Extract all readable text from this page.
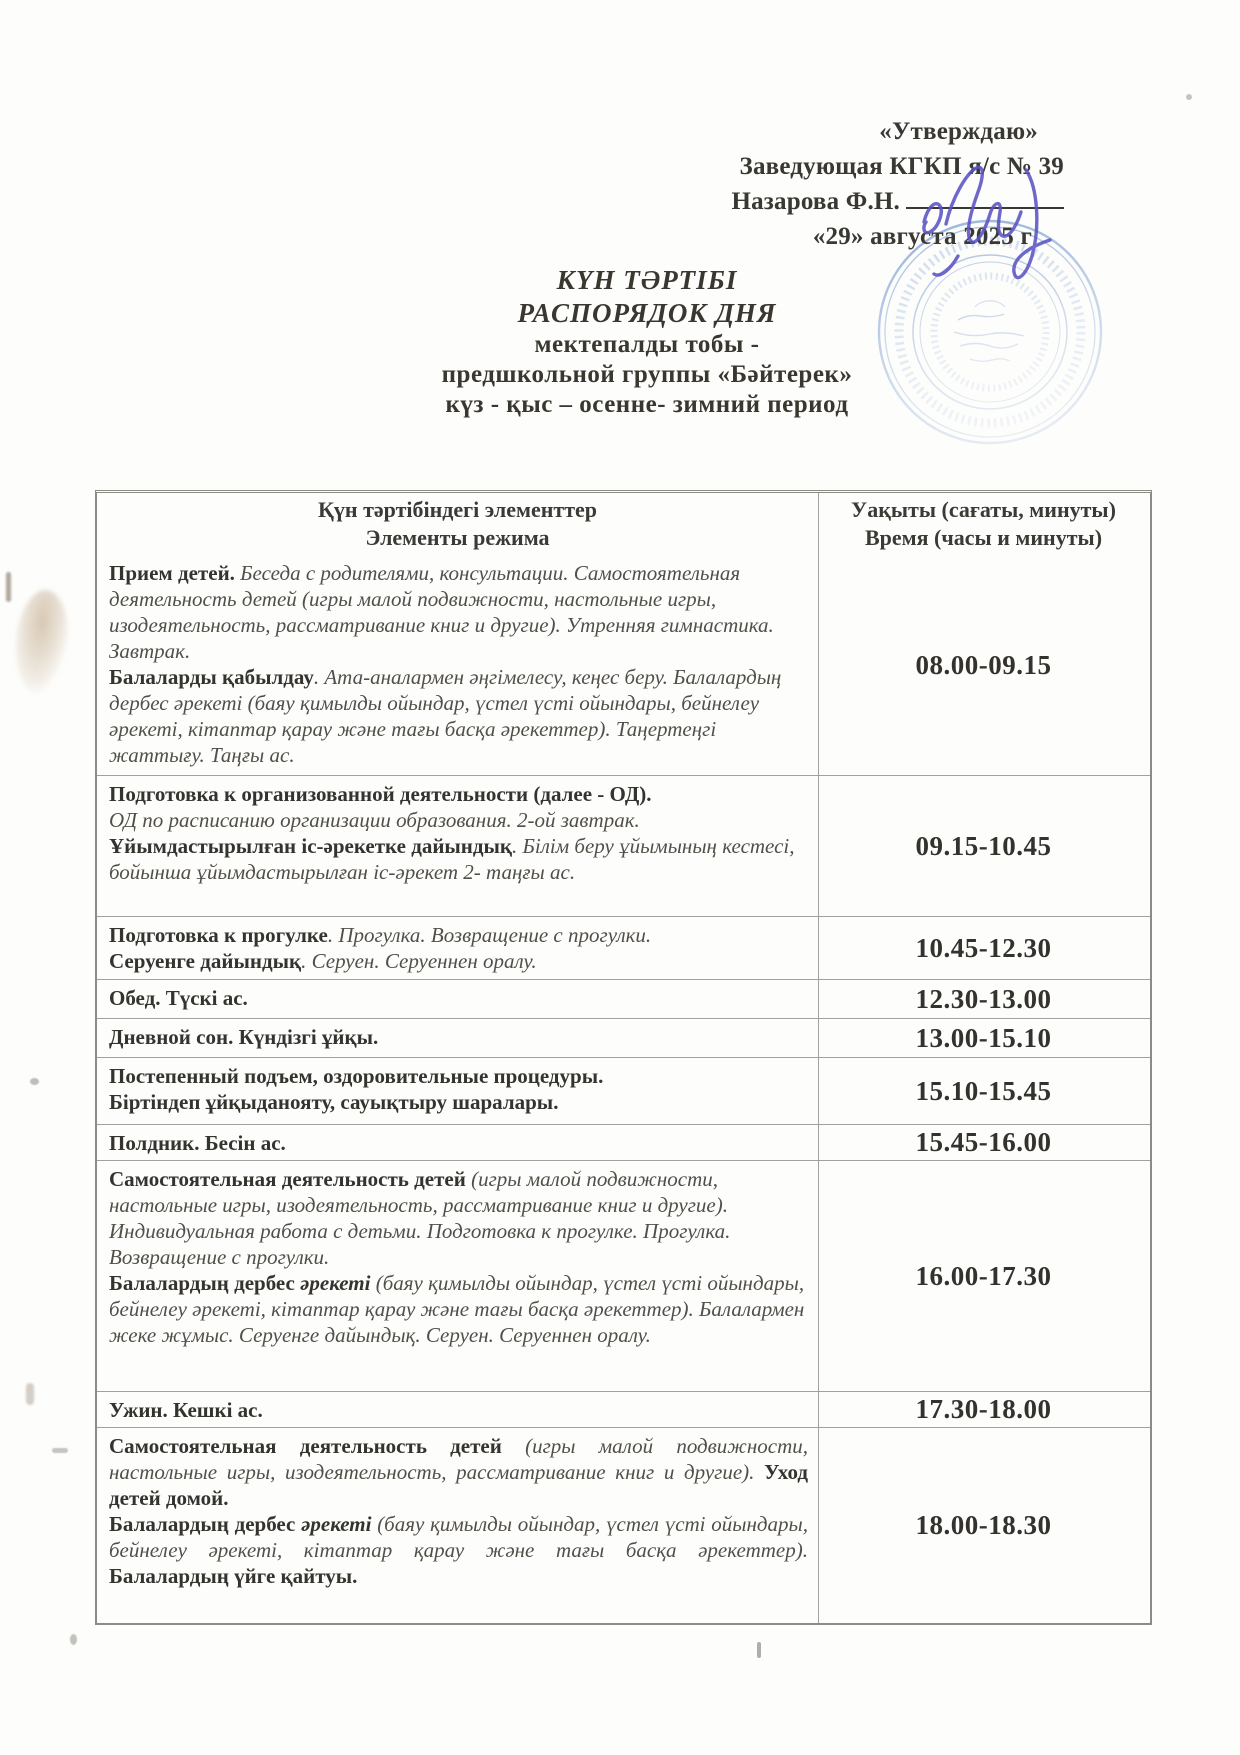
«Утверждаю»
Заведующая КГКП я/с № 39
Назарова Ф.Н.
«29» августа 2025 г
КҮН ТӘРТІБІ
РАСПОРЯДОК ДНЯ
мектепалды тобы -
предшкольной группы «Бәйтерек»
күз - қыс – осенне- зимний период
Қүн тәртібіндегі элементтер
Элементы режима
Уақыты (сағаты, минуты)
Время (часы и минуты)
Прием детей. Беседа с родителями, консультации. Самостоятельная деятельность детей (игры малой подвижности, настольные игры, изодеятельность, рассматривание книг и другие). Утренняя гимнастика. Завтрак.
Балаларды қабылдау. Ата-аналармен әңгімелесу, кеңес беру. Балалардың дербес әрекеті (баяу қимылды ойындар, үстел үсті ойындары, бейнелеу әрекеті, кітаптар қарау және тағы басқа әрекеттер). Таңертеңгі жаттығу. Таңғы ас.
08.00-09.15
Подготовка к организованной деятельности (далее - ОД).
ОД по расписанию организации образования. 2-ой завтрак.
Ұйымдастырылған іс-әрекетке дайындық. Білім беру ұйымының кестесі, бойынша ұйымдастырылған іс-әрекет 2- таңғы ас.
09.15-10.45
Подготовка к прогулке. Прогулка. Возвращение с прогулки.
Серуенге дайындық. Серуен. Серуеннен оралу.	10.45-12.30
Обед. Түскі ас.	12.30-13.00
Дневной сон. Күндізгі ұйқы.	13.00-15.10
Постепенный подъем, оздоровительные процедуры.
Біртіндеп ұйқыданояту, сауықтыру шаралары.	15.10-15.45
Полдник. Бесін ас.	15.45-16.00
Самостоятельная деятельность детей (игры малой подвижности, настольные игры, изодеятельность, рассматривание книг и другие). Индивидуальная работа с детьми. Подготовка к прогулке. Прогулка. Возвращение с прогулки.
Балалардың дербес әрекеті (баяу қимылды ойындар, үстел үсті ойындары, бейнелеу әрекеті, кітаптар қарау және тағы басқа әрекеттер). Балалармен жеке жұмыс. Серуенге дайындық. Серуен. Серуеннен оралу.
16.00-17.30
Ужин. Кешкі ас.	17.30-18.00
Самостоятельная деятельность детей (игры малой подвижности, настольные игры, изодеятельность, рассматривание книг и другие). Уход детей домой.
Балалардың дербес әрекеті (баяу қимылды ойындар, үстел үсті ойындары, бейнелеу әрекеті, кітаптар қарау және тағы басқа әрекеттер). Балалардың үйге қайтуы.
18.00-18.30
